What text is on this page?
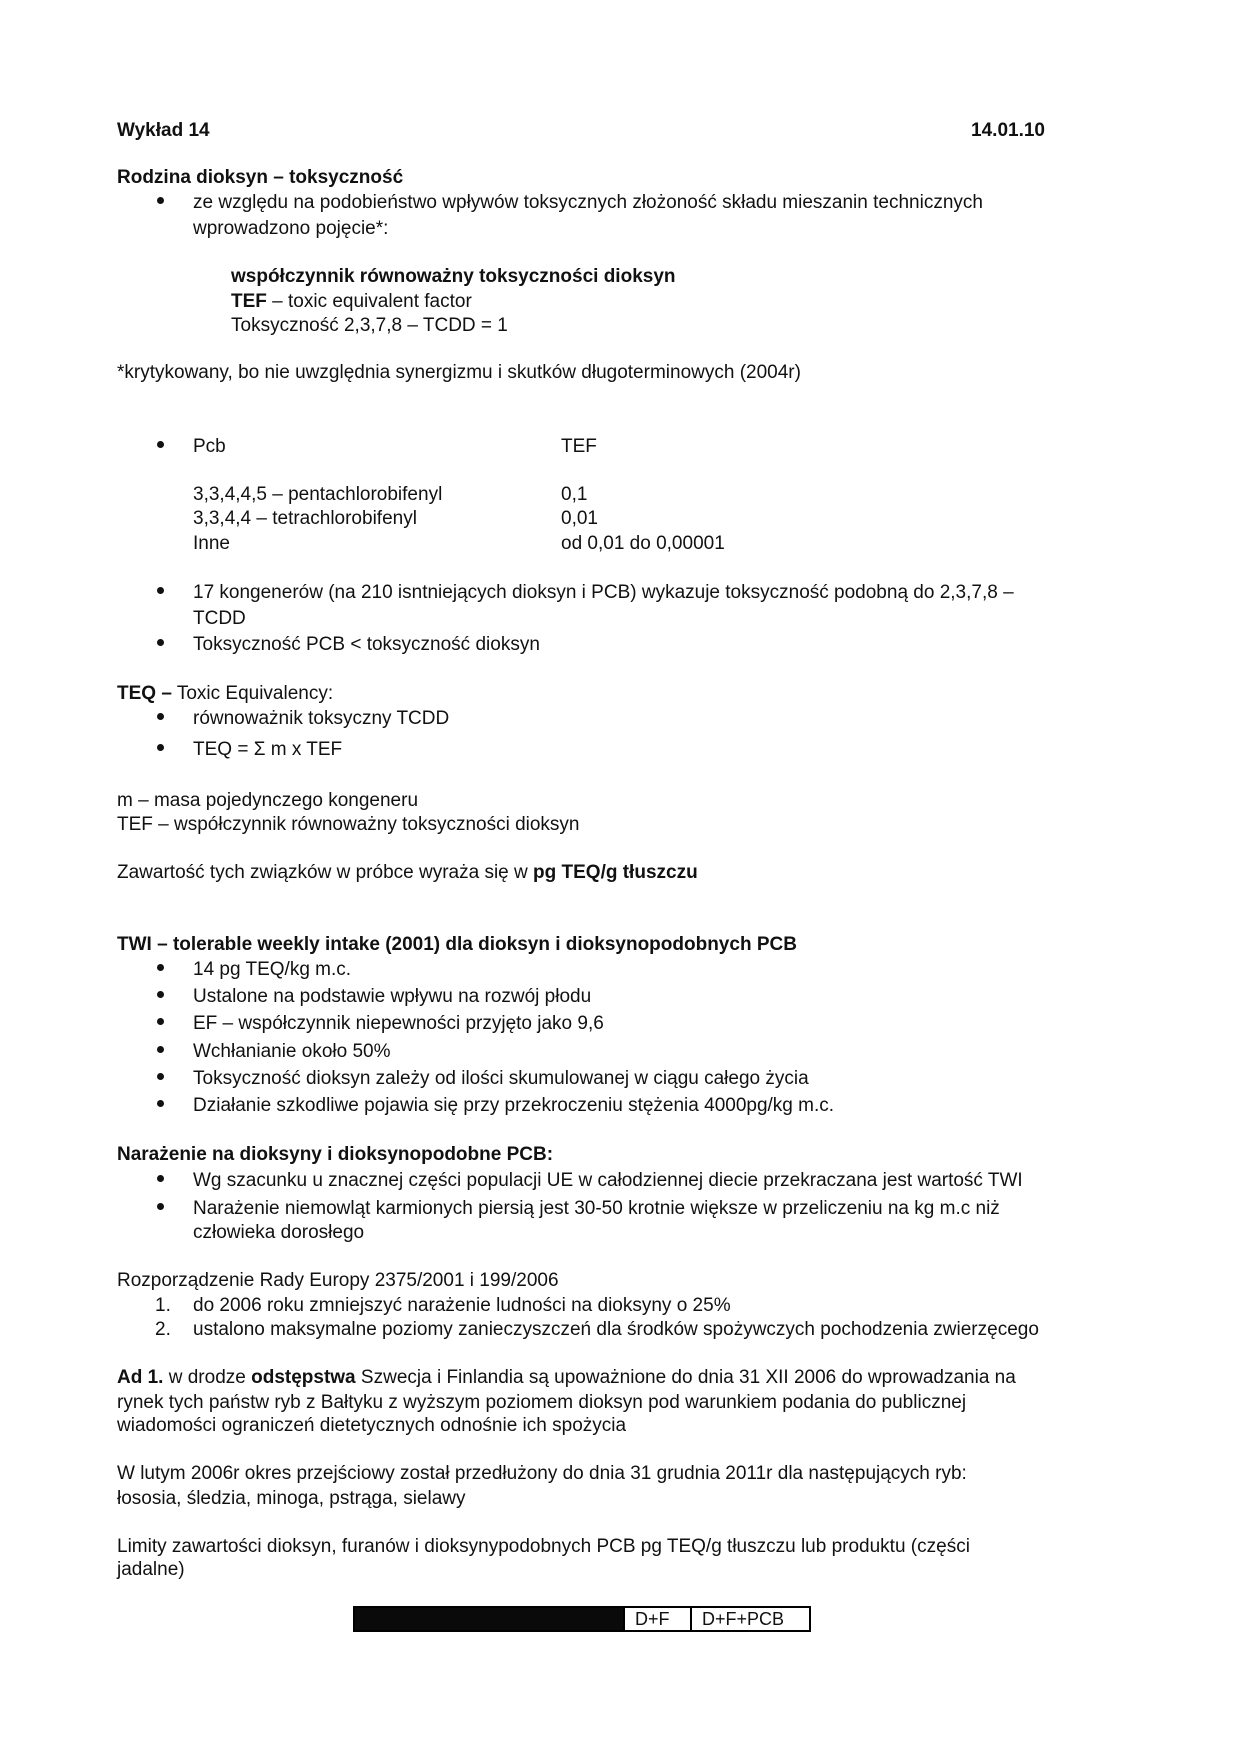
Wykład 14	14.01.10
Rodzina dioksyn – toksyczność
ze względu na podobieństwo wpływów toksycznych złożoność składu mieszanin technicznych
wprowadzono pojęcie*:
współczynnik równoważny toksyczności dioksyn
TEF – toxic equivalent factor
Toksyczność 2,3,7,8 – TCDD = 1
*krytykowany, bo nie uwzględnia synergizmu i skutków długoterminowych (2004r)
Pcb	TEF
3,3,4,4,5 – pentachlorobifenyl	0,1
3,3,4,4 – tetrachlorobifenyl	0,01
Inne	od 0,01 do 0,00001
17 kongenerów (na 210 isntniejących dioksyn i PCB) wykazuje toksyczność podobną do 2,3,7,8 –
TCDD
Toksyczność PCB < toksyczność dioksyn
TEQ – Toxic Equivalency:
równoważnik toksyczny TCDD
TEQ = Σ m x TEF
m – masa pojedynczego kongeneru
TEF – współczynnik równoważny toksyczności dioksyn
Zawartość tych związków w próbce wyraża się w pg TEQ/g tłuszczu
TWI – tolerable weekly intake (2001) dla dioksyn i dioksynopodobnych PCB
14 pg TEQ/kg m.c.
Ustalone na podstawie wpływu na rozwój płodu
EF – współczynnik niepewności przyjęto jako 9,6
Wchłanianie około 50%
Toksyczność dioksyn zależy od ilości skumulowanej w ciągu całego życia
Działanie szkodliwe pojawia się przy przekroczeniu stężenia 4000pg/kg m.c.
Narażenie na dioksyny i dioksynopodobne PCB:
Wg szacunku u znacznej części populacji UE w całodziennej diecie przekraczana jest wartość TWI
Narażenie niemowląt karmionych piersią jest 30-50 krotnie większe w przeliczeniu na kg m.c niż
człowieka dorosłego
Rozporządzenie Rady Europy 2375/2001 i 199/2006
1. do 2006 roku zmniejszyć narażenie ludności na dioksyny o 25%
2. ustalono maksymalne poziomy zanieczyszczeń dla środków spożywczych pochodzenia zwierzęcego
Ad 1. w drodze odstępstwa Szwecja i Finlandia są upoważnione do dnia 31 XII 2006 do wprowadzania na
rynek tych państw ryb z Bałtyku z wyższym poziomem dioksyn pod warunkiem podania do publicznej
wiadomości ograniczeń dietetycznych odnośnie ich spożycia
W lutym 2006r okres przejściowy został przedłużony do dnia 31 grudnia 2011r dla następujących ryb:
łososia, śledzia, minoga, pstrąga, sielawy
Limity zawartości dioksyn, furanów i dioksynypodobnych PCB pg TEQ/g tłuszczu lub produktu (części
jadalne)
	D+F	D+F+PCB
